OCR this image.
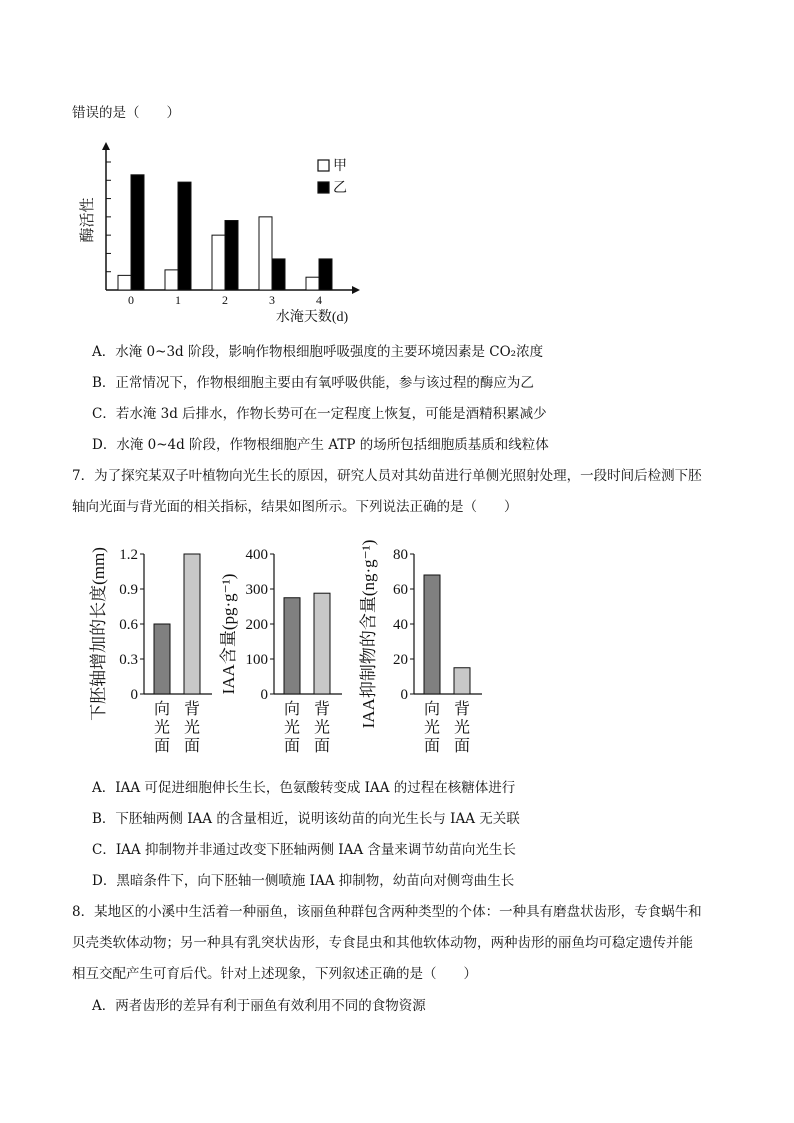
错误的是（　　）
0	1	2	3	4
水淹天数(d)
酶活性
甲
乙
A．水淹 0~3d 阶段，影响作物根细胞呼吸强度的主要环境因素是 CO₂浓度
B．正常情况下，作物根细胞主要由有氧呼吸供能，参与该过程的酶应为乙
C．若水淹 3d 后排水，作物长势可在一定程度上恢复，可能是酒精积累减少
D．水淹 0~4d 阶段，作物根细胞产生 ATP 的场所包括细胞质基质和线粒体
7．为了探究某双子叶植物向光生长的原因，研究人员对其幼苗进行单侧光照射处理，一段时间后检测下胚
轴向光面与背光面的相关指标，结果如图所示。下列说法正确的是（　　）
0
0.3
0.6
0.9
1.2
向光面
背光面
下胚轴增加的长度(mm)	0
100
200
300
400
向光面
背光面
IAA含量(pg·g⁻¹)
0
20
40
60
80
向光面
背光面
IAA抑制物的含量(ng·g⁻¹)
A．IAA 可促进细胞伸长生长，色氨酸转变成 IAA 的过程在核糖体进行
B．下胚轴两侧 IAA 的含量相近，说明该幼苗的向光生长与 IAA 无关联
C．IAA 抑制物并非通过改变下胚轴两侧 IAA 含量来调节幼苗向光生长
D．黑暗条件下，向下胚轴一侧喷施 IAA 抑制物，幼苗向对侧弯曲生长
8．某地区的小溪中生活着一种丽鱼，该丽鱼种群包含两种类型的个体：一种具有磨盘状齿形，专食蜗牛和
贝壳类软体动物；另一种具有乳突状齿形，专食昆虫和其他软体动物，两种齿形的丽鱼均可稳定遗传并能
相互交配产生可育后代。针对上述现象，下列叙述正确的是（　　）
A．两者齿形的差异有利于丽鱼有效利用不同的食物资源
